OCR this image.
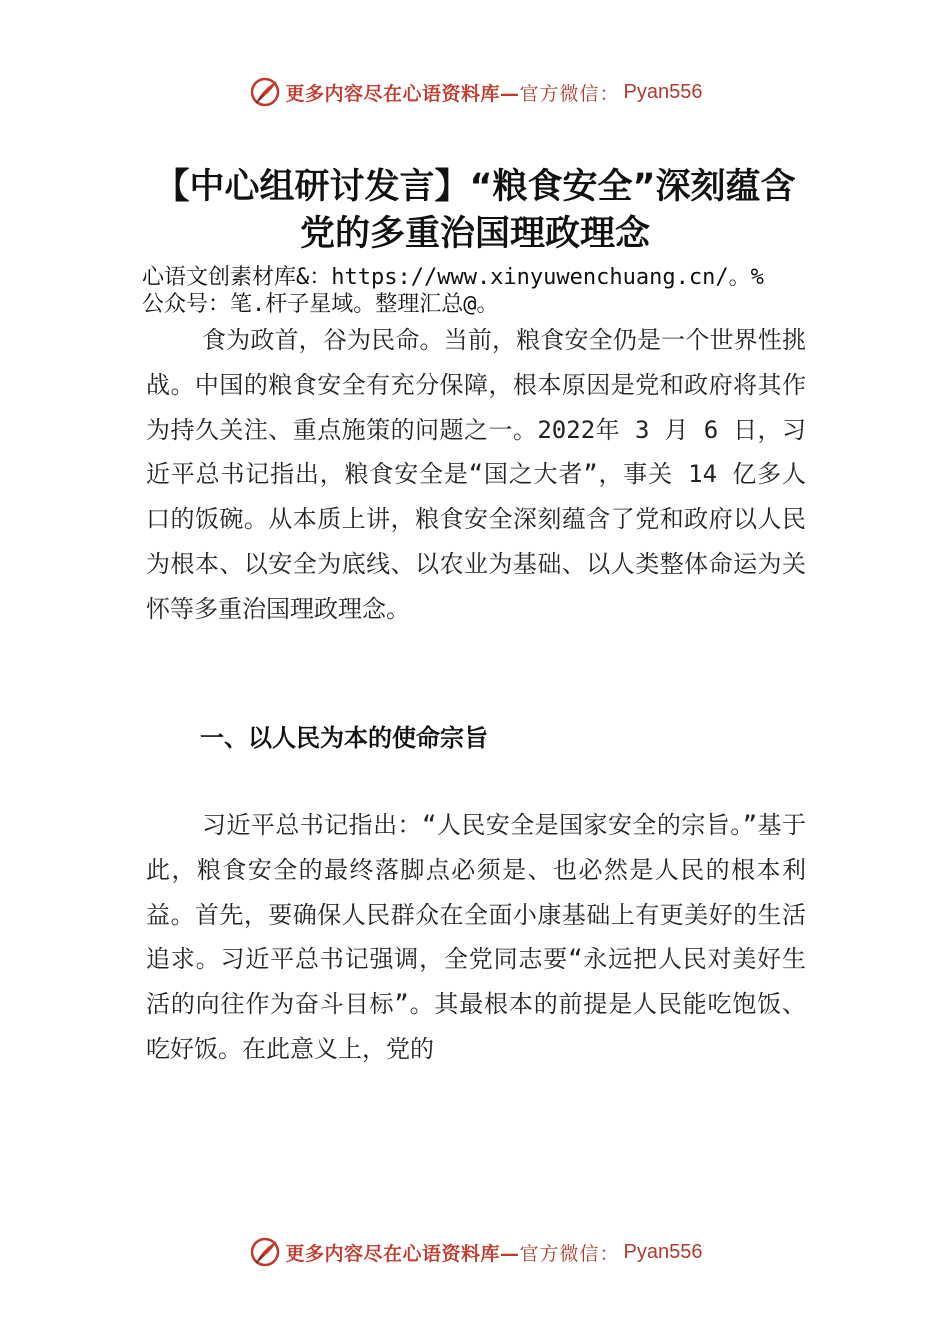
更多内容尽在心语资料库— 官方微信： Pyan556
【中心组研讨发言】“粮食安全”深刻蕴含
党的多重治国理政理念
心语文创素材库&：https://www.xinyuwenchuang.cn/。%
公众号：笔.杆子星域。整理汇总@。

食为政首，谷为民命。当前，粮食安全仍是一个世界性挑战。中国的粮食安全有充分保障，根本原因是党和政府将其作为持久关注、重点施策的问题之一。2022年 3 月 6 日，习近平总书记指出，粮食安全是“国之大者”，事关 14 亿多人口的饭碗。从本质上讲，粮食安全深刻蕴含了党和政府以人民为根本、以安全为底线、以农业为基础、以人类整体命运为关怀等多重治国理政理念。

一、以人民为本的使命宗旨

习近平总书记指出：“人民安全是国家安全的宗旨。”基于此，粮食安全的最终落脚点必须是、也必然是人民的根本利益。首先，要确保人民群众在全面小康基础上有更美好的生活追求。习近平总书记强调，全党同志要“永远把人民对美好生活的向往作为奋斗目标”。其最根本的前提是人民能吃饱饭、吃好饭。在此意义上，党的

更多内容尽在心语资料库— 官方微信： Pyan556
